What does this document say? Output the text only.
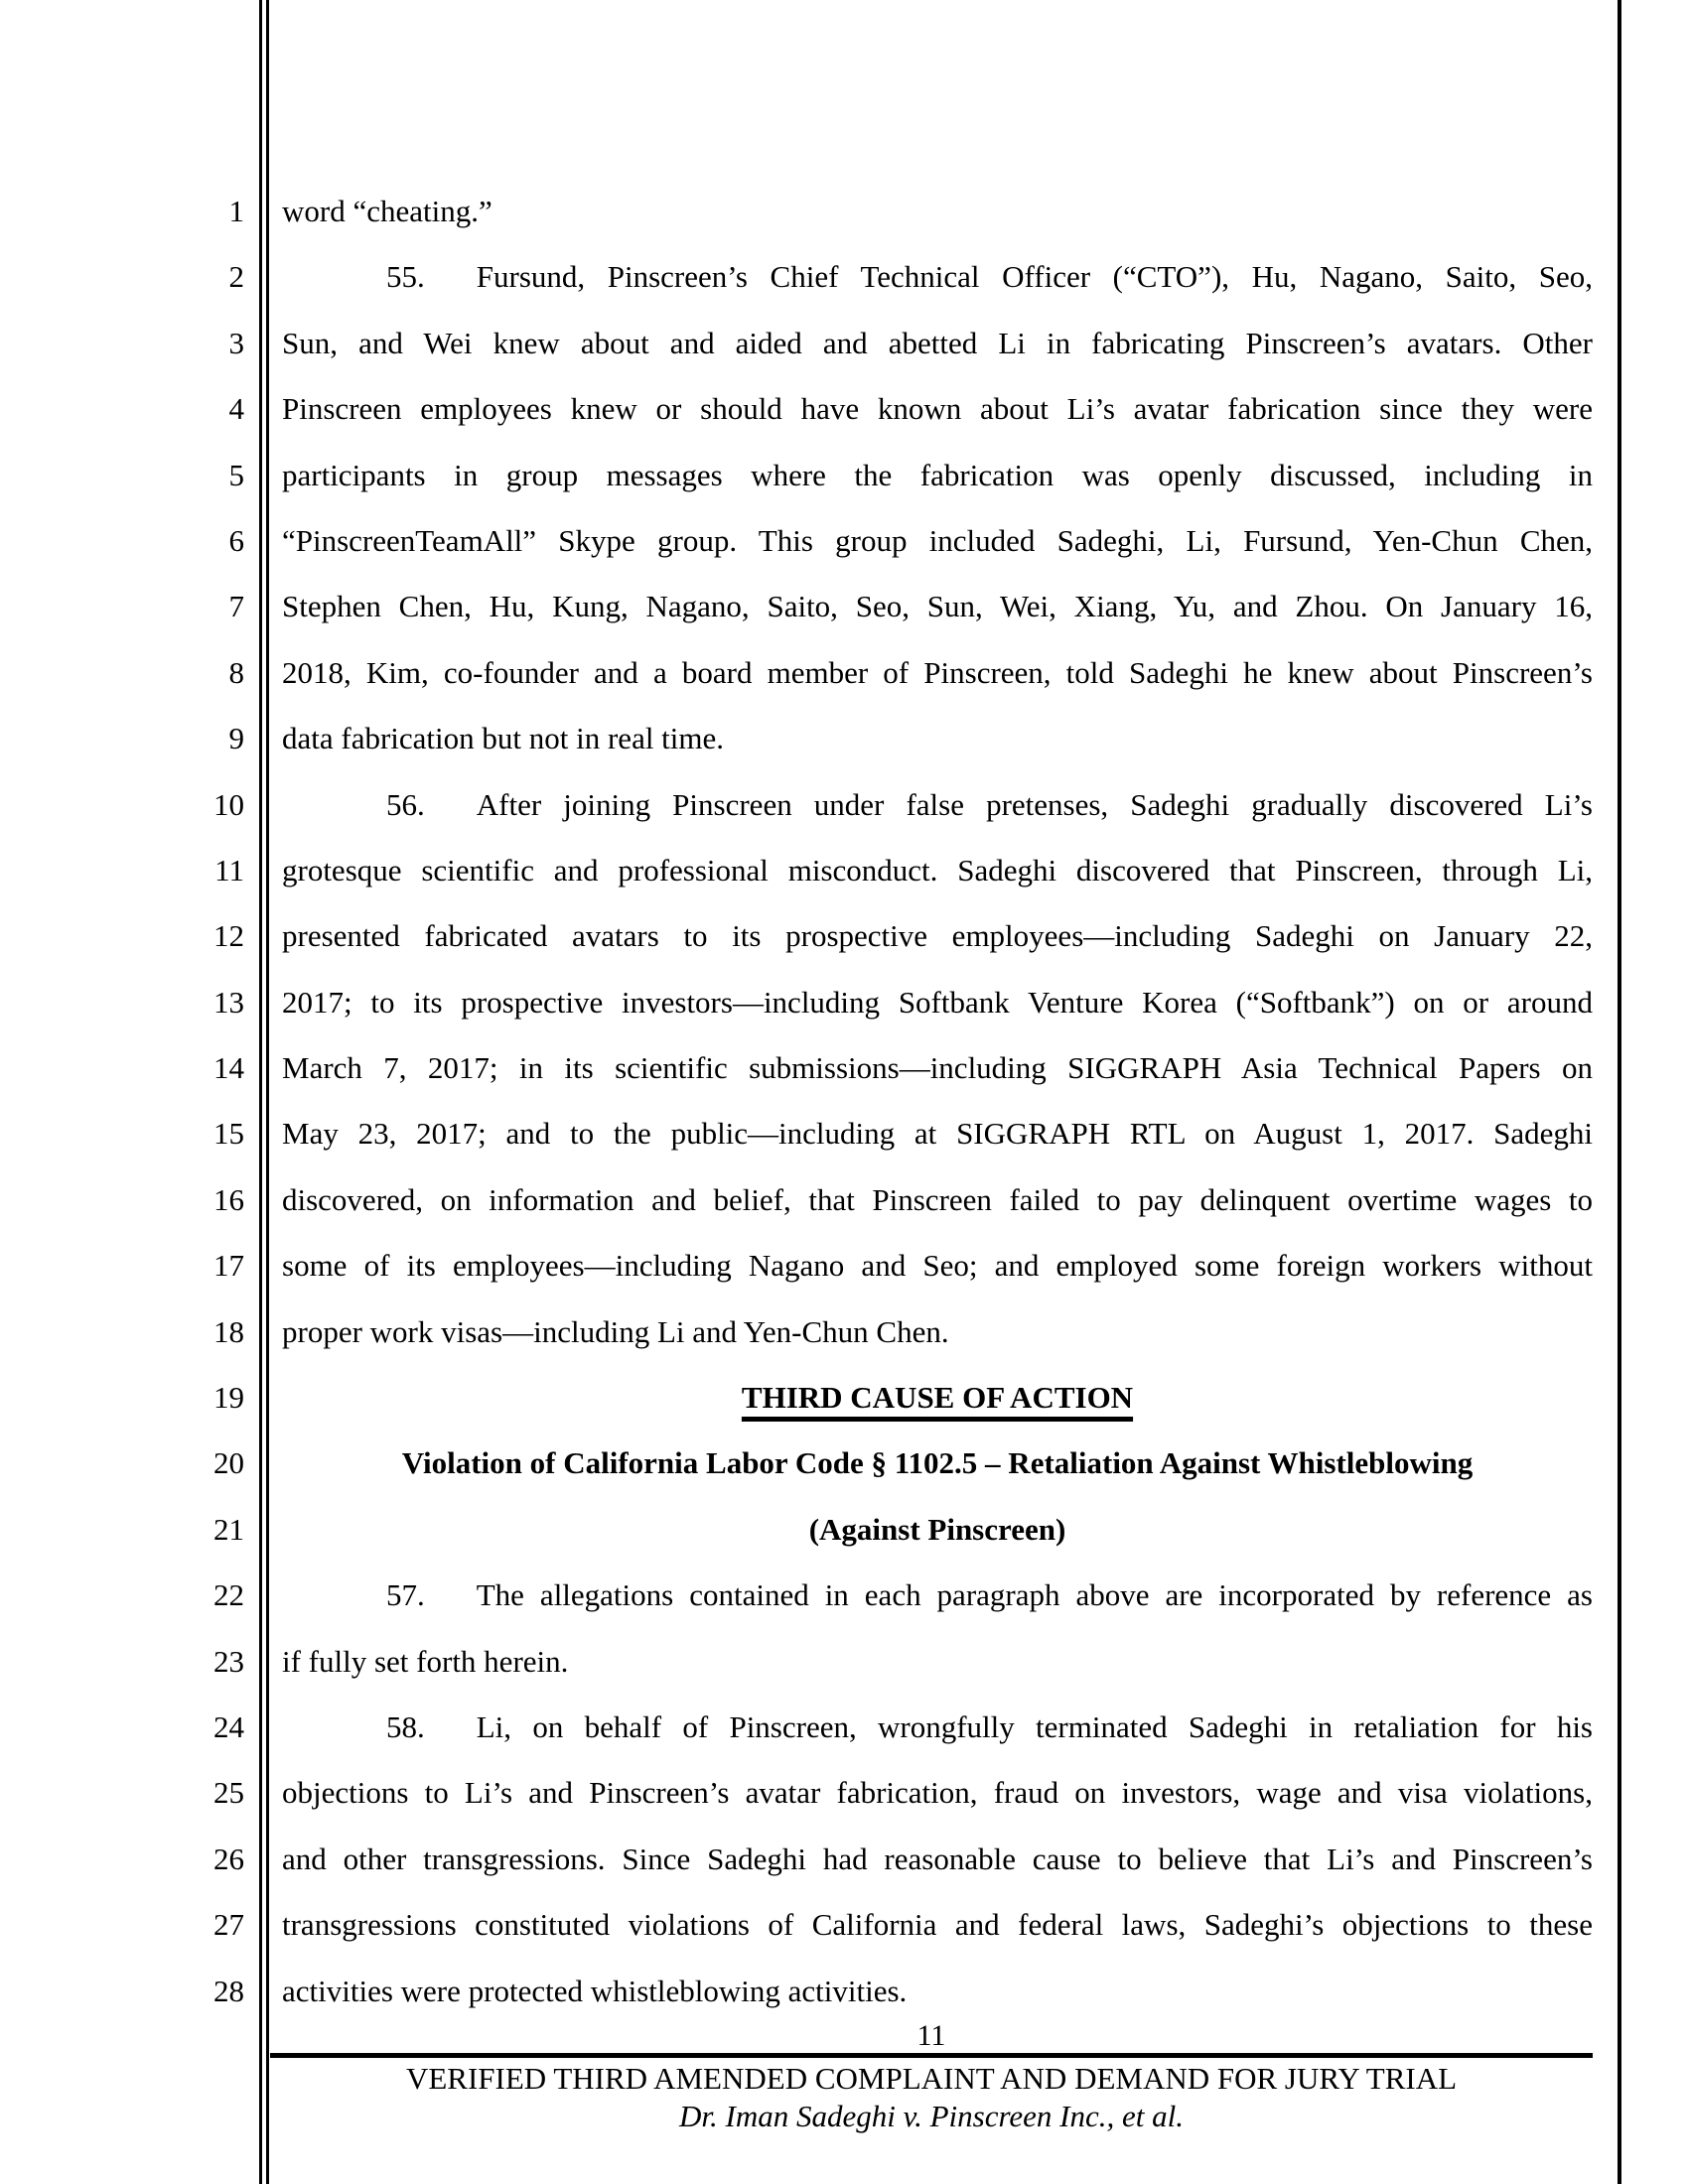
1 word “cheating.”
2	55. Fursund, Pinscreen’s Chief Technical Officer (“CTO”), Hu, Nagano, Saito, Seo,
3 Sun, and Wei knew about and aided and abetted Li in fabricating Pinscreen’s avatars. Other
4 Pinscreen employees knew or should have known about Li’s avatar fabrication since they were
5 participants in group messages where the fabrication was openly discussed, including in
6 “PinscreenTeamAll” Skype group. This group included Sadeghi, Li, Fursund, Yen-Chun Chen,
7 Stephen Chen, Hu, Kung, Nagano, Saito, Seo, Sun, Wei, Xiang, Yu, and Zhou. On January 16,
8 2018, Kim, co-founder and a board member of Pinscreen, told Sadeghi he knew about Pinscreen’s
9 data fabrication but not in real time.
10	56. After joining Pinscreen under false pretenses, Sadeghi gradually discovered Li’s
11 grotesque scientific and professional misconduct. Sadeghi discovered that Pinscreen, through Li,
12 presented fabricated avatars to its prospective employees—including Sadeghi on January 22,
13 2017; to its prospective investors—including Softbank Venture Korea (“Softbank”) on or around
14 March 7, 2017; in its scientific submissions—including SIGGRAPH Asia Technical Papers on
15 May 23, 2017; and to the public—including at SIGGRAPH RTL on August 1, 2017. Sadeghi
16 discovered, on information and belief, that Pinscreen failed to pay delinquent overtime wages to
17 some of its employees—including Nagano and Seo; and employed some foreign workers without
18 proper work visas—including Li and Yen-Chun Chen.
19	THIRD CAUSE OF ACTION
20	Violation of California Labor Code § 1102.5 – Retaliation Against Whistleblowing
21	(Against Pinscreen)
22	57. The allegations contained in each paragraph above are incorporated by reference as
23 if fully set forth herein.
24	58. Li, on behalf of Pinscreen, wrongfully terminated Sadeghi in retaliation for his
25 objections to Li’s and Pinscreen’s avatar fabrication, fraud on investors, wage and visa violations,
26 and other transgressions. Since Sadeghi had reasonable cause to believe that Li’s and Pinscreen’s
27 transgressions constituted violations of California and federal laws, Sadeghi’s objections to these
28 activities were protected whistleblowing activities.
11
VERIFIED THIRD AMENDED COMPLAINT AND DEMAND FOR JURY TRIAL
Dr. Iman Sadeghi v. Pinscreen Inc., et al.
